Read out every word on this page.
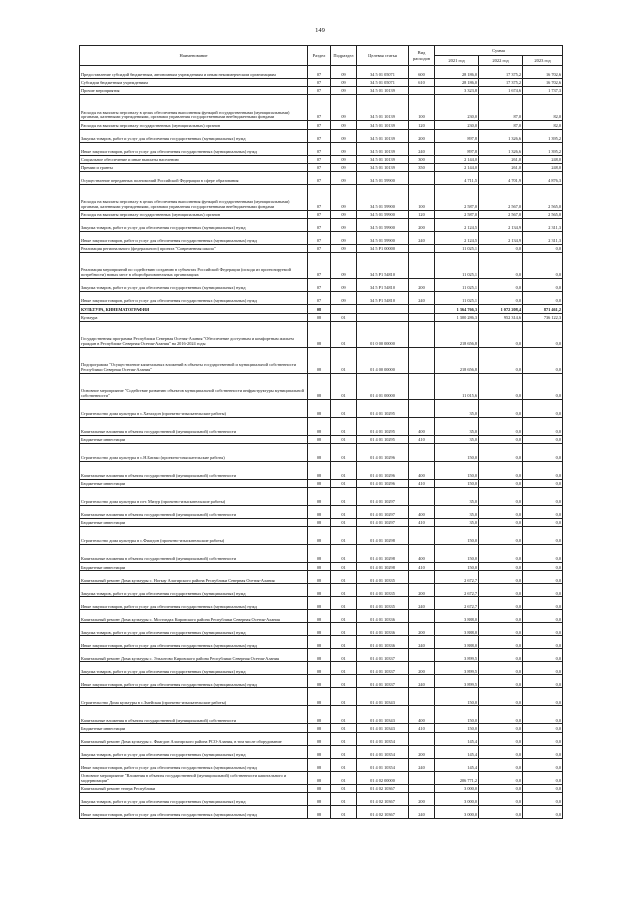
149
Наименование	Раздел	Подраздел	Целевая статья	Вид расходов	Сумма		
					2021 год	2022 год	2023 год
Предоставление субсидий бюджетным, автономным учреждениям и иным некоммерческим организациям	07	09	34 5 01 05071	600	28 186,0	17 375,2	16 702,6
Субсидии бюджетным учреждениям	07	09	34 5 01 05071	610	28 186,0	17 375,2	16 702,6
Прочие мероприятия	07	09	34 5 01 10139		3 323,8	1 674,6	1 737,3
Расходы на выплаты персоналу в целях обеспечения выполнения функций государственными (муниципальными) органами, казенными учреждениями, органами управления государственными внебюджетными фондами	07	09	34 5 01 10139	100	230,0	87,0	82,0
Расходы на выплаты персоналу государственных (муниципальных) органов	07	09	34 5 01 10139	120	230,0	87,0	82,0
Закупка товаров, работ и услуг для обеспечения государственных (муниципальных) нужд	07	09	34 5 01 10139	200	897,8	1 326,6	1 395,2
Иные закупки товаров, работ и услуг для обеспечения государственных (муниципальных) нужд	07	09	34 5 01 10139	240	897,8	1 326,6	1 395,2
Социальное обеспечение и иные выплаты населению	07	09	34 5 01 10139	300	2 144,0	261,0	248,0
Премии и гранты	07	09	34 5 01 10139	350	2 144,0	261,0	248,0
Осуществление переданных полномочий Российской Федерации в сфере образования	07	09	34 5 01 59900		4 711,5	4 701,9	4 876,3
Расходы на выплаты персоналу в целях обеспечения выполнения функций государственными (муниципальными) органами, казенными учреждениями, органами управления государственными внебюджетными фондами	07	09	34 5 01 59900	100	2 587,0	2 567,0	2 565,0
Расходы на выплаты персоналу государственных (муниципальных) органов	07	09	34 5 01 59900	120	2 587,0	2 567,0	2 565,0
Закупка товаров, работ и услуг для обеспечения государственных (муниципальных) нужд	07	09	34 5 01 59900	200	2 124,5	2 134,9	2 311,3
Иные закупки товаров, работ и услуг для обеспечения государственных (муниципальных) нужд	07	09	34 5 01 59900	240	2 124,5	2 134,9	2 311,3
Реализация регионального (федерального) проекта "Современная школа"	07	09	34 5 Р1 00000		11 025,1	0,0	0,0
Реализация мероприятий по содействию созданию в субъектах Российской Федерации (исходя из прогнозируемой потребности) новых мест в общеобразовательных организациях	07	09	34 5 Р1 54810		11 025,1	0,0	0,0
Закупка товаров, работ и услуг для обеспечения государственных (муниципальных) нужд	07	09	34 5 Р1 54810	200	11 025,1	0,0	0,0
Иные закупки товаров, работ и услуг для обеспечения государственных (муниципальных) нужд	07	09	34 5 Р1 54810	240	11 025,1	0,0	0,0
КУЛЬТУРА, КИНЕМАТОГРАФИЯ	08				1 364 766,3	1 072 208,4	871 461,2
Культура	08	01			1 300 286,3	952 314,6	736 122,3
Государственная программа Республики Северная Осетия-Алания "Обеспечение доступным и комфортным жильем граждан в Республике Северная Осетия-Алания" на 2016-2024 годы	08	01	01 0 00 00000		218 656,8	0,0	0,0
Подпрограмма "Осуществление капитальных вложений в объекты государственной и муниципальной собственности Республики Северная Осетия-Алания"	08	01	01 4 00 00000		218 656,8	0,0	0,0
Основное мероприятие "Содействие развитию объектов муниципальной собственности инфраструктуры муниципальной собственности"	08	01	01 4 01 00000		11 015,6	0,0	0,0
Строительство дома культуры в с.Хаталдон (проектно-изыскательские работы)	08	01	01 4 01 10295		35,0	0,0	0,0
Капитальные вложения в объекты государственной (муниципальной) собственности	08	01	01 4 01 10295	400	35,0	0,0	0,0
Бюджетные инвестиции	08	01	01 4 01 10295	410	35,0	0,0	0,0
Строительство дома культуры в с.Н.Батако (проектно-изыскательские работы)	08	01	01 4 01 10296		150,0	0,0	0,0
Капитальные вложения в объекты государственной (муниципальной) собственности	08	01	01 4 01 10296	400	150,0	0,0	0,0
Бюджетные инвестиции	08	01	01 4 01 10296	410	150,0	0,0	0,0
Строительство дома культуры в пгт. Мизур (проектно-изыскательские работы)	08	01	01 4 01 10297		35,0	0,0	0,0
Капитальные вложения в объекты государственной (муниципальной) собственности	08	01	01 4 01 10297	400	35,0	0,0	0,0
Бюджетные инвестиции	08	01	01 4 01 10297	410	35,0	0,0	0,0
Строительство дома культуры в с.Фиагдон (проектно-изыскательские работы)	08	01	01 4 01 10298		150,0	0,0	0,0
Капитальные вложения в объекты государственной (муниципальной) собственности	08	01	01 4 01 10298	400	150,0	0,0	0,0
Бюджетные инвестиции	08	01	01 4 01 10298	410	150,0	0,0	0,0
Капитальный ремонт Дома культуры с. Ногкау Алагирского района Республики Северная Осетия-Алания	08	01	01 4 01 10335		2 672,7	0,0	0,0
Закупка товаров, работ и услуг для обеспечения государственных (муниципальных) нужд	08	01	01 4 01 10335	200	2 672,7	0,0	0,0
Иные закупки товаров, работ и услуг для обеспечения государственных (муниципальных) нужд	08	01	01 4 01 10335	240	2 672,7	0,0	0,0
Капитальный ремонт Дома культуры с. Мостиздах Кировского района Республики Северная Осетия-Алания	08	01	01 4 01 10336		3 888,0	0,0	0,0
Закупка товаров, работ и услуг для обеспечения государственных (муниципальных) нужд	08	01	01 4 01 10336	200	3 888,0	0,0	0,0
Иные закупки товаров, работ и услуг для обеспечения государственных (муниципальных) нужд	08	01	01 4 01 10336	240	3 888,0	0,0	0,0
Капитальный ремонт Дома культуры с. Эльхотово Кировского района Республики Северная Осетия-Алания	08	01	01 4 01 10337		3 899,5	0,0	0,0
Закупка товаров, работ и услуг для обеспечения государственных (муниципальных) нужд	08	01	01 4 01 10337	200	3 899,5	0,0	0,0
Иные закупки товаров, работ и услуг для обеспечения государственных (муниципальных) нужд	08	01	01 4 01 10337	240	3 899,5	0,0	0,0
Строительство Дома культуры в с.Змейская (проектно-изыскательские работы)	08	01	01 4 01 10343		150,0	0,0	0,0
Капитальные вложения в объекты государственной (муниципальной) собственности	08	01	01 4 01 10343	400	150,0	0,0	0,0
Бюджетные инвестиции	08	01	01 4 01 10343	410	150,0	0,0	0,0
Капитальный ремонт Дома культуры с. Фиагдон Алагирского района РСО-Алания, в том числе оборудование	08	01	01 4 01 10354		145,4	0,0	0,0
Закупка товаров, работ и услуг для обеспечения государственных (муниципальных) нужд	08	01	01 4 01 10354	200	145,4	0,0	0,0
Иные закупки товаров, работ и услуг для обеспечения государственных (муниципальных) нужд	08	01	01 4 01 10354	240	145,4	0,0	0,0
Основное мероприятие "Вложения в объекты государственной (муниципальной) собственности капитального и модернизации"	08	01	01 4 02 00000		206 771,2	0,0	0,0
Капитальный ремонт театра Республики	08	01	01 4 02 10367		3 000,0	0,0	0,0
Закупка товаров, работ и услуг для обеспечения государственных (муниципальных) нужд	08	01	01 4 02 10367	200	3 000,0	0,0	0,0
Иные закупки товаров, работ и услуг для обеспечения государственных (муниципальных) нужд	08	01	01 4 02 10367	240	3 000,0	0,0	0,0
